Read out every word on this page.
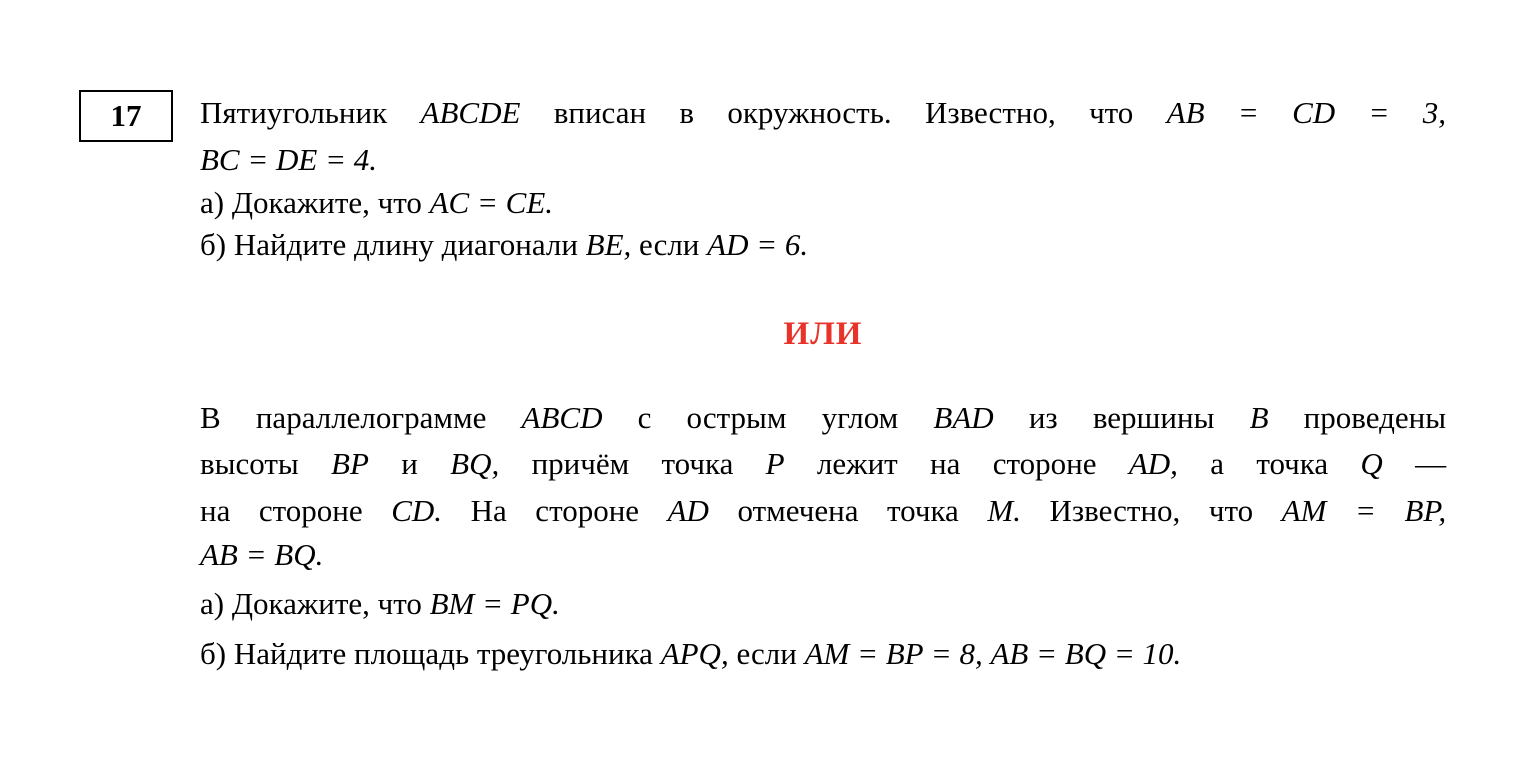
17 Пятиугольник ABCDE вписан в окружность. Известно, что AB = CD = 3,
BC = DE = 4.
а) Докажите, что AC = CE.
б) Найдите длину диагонали BE, если AD = 6.
ИЛИ
В параллелограмме ABCD с острым углом BAD из вершины B проведены
высоты BP и BQ, причём точка P лежит на стороне AD, а точка Q —
на стороне CD. На стороне AD отмечена точка M. Известно, что AM = BP,
AB = BQ.
а) Докажите, что BM = PQ.
б) Найдите площадь треугольника APQ, если AM = BP = 8, AB = BQ = 10.
